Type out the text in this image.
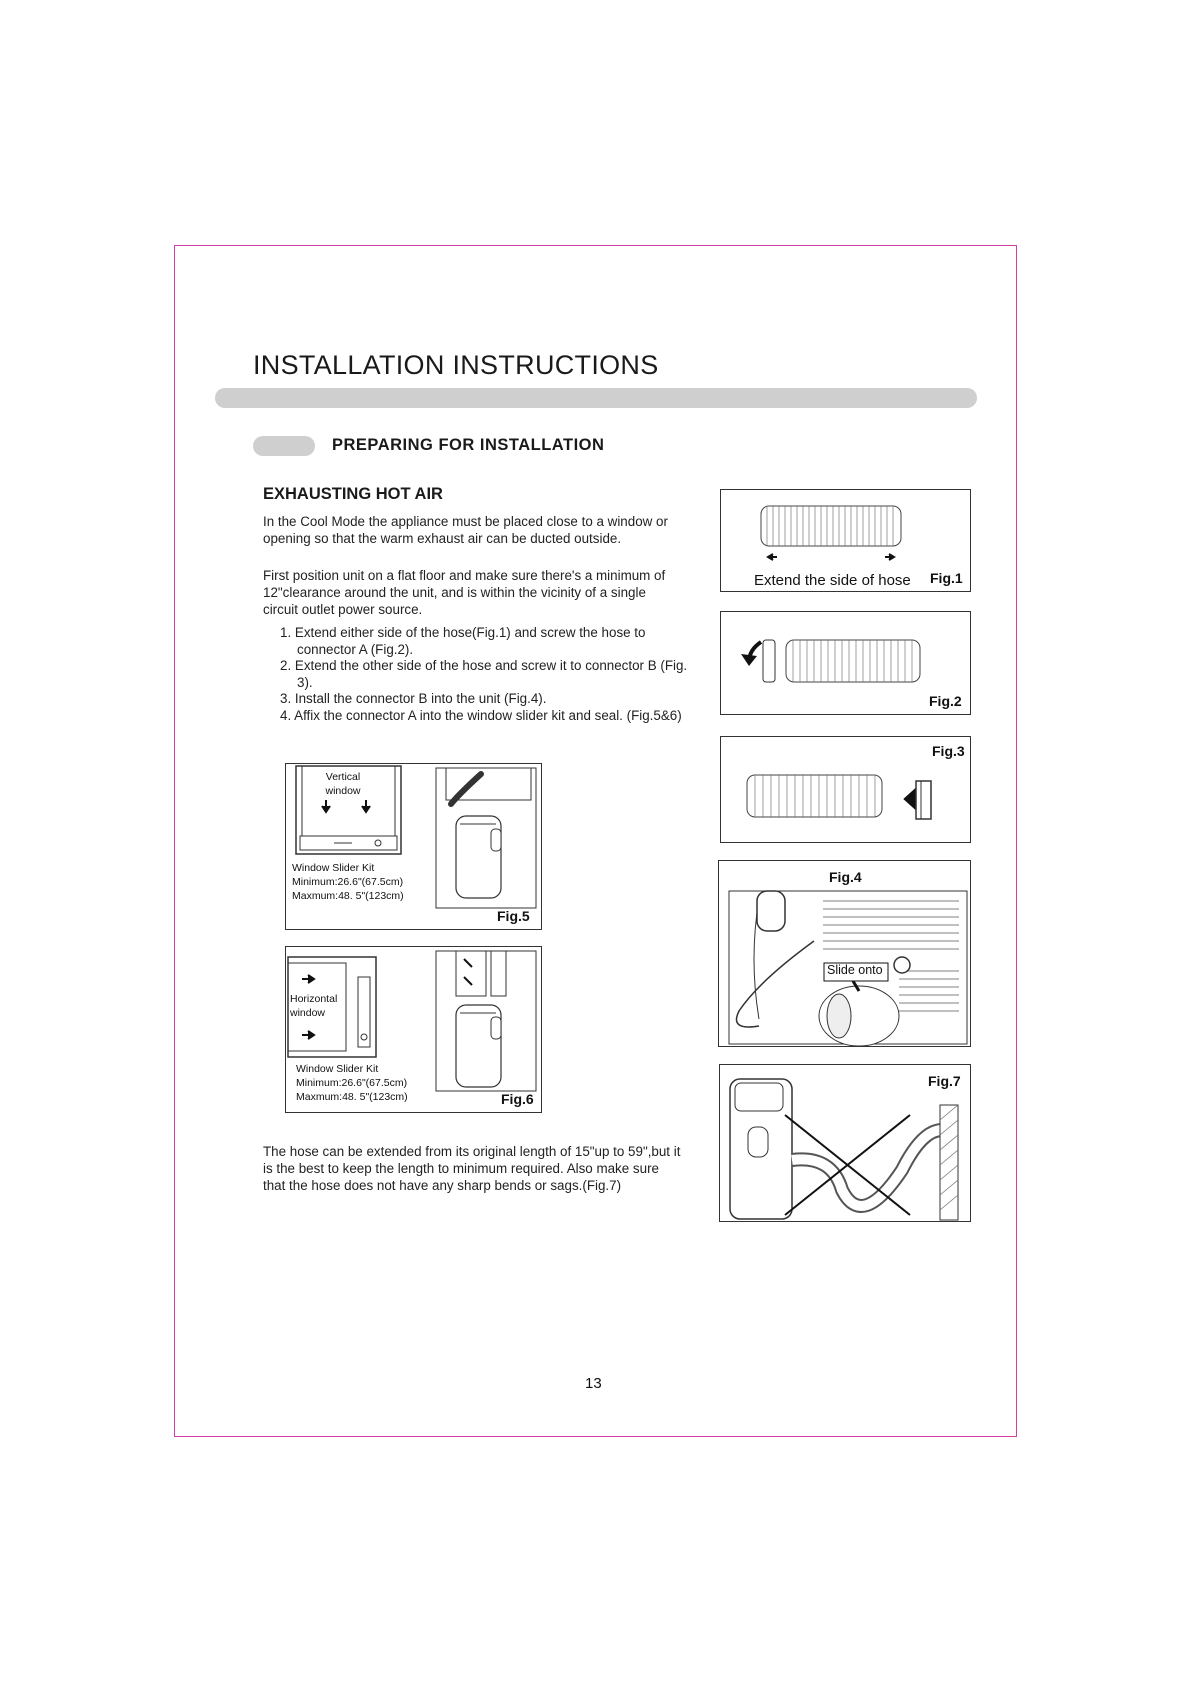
INSTALLATION INSTRUCTIONS
PREPARING FOR INSTALLATION
EXHAUSTING HOT AIR

In the Cool Mode the appliance must be placed close to a window or opening so that the warm exhaust air can be ducted outside.

First position unit on a flat floor and make sure there's a minimum of 12"clearance around the unit, and is within the vicinity of a single circuit outlet power source.

1. Extend either side of the hose(Fig.1) and screw the hose to connector A (Fig.2).
2. Extend the other side of the hose and screw it to connector B (Fig. 3).
3. Install the connector B into the unit (Fig.4).
4. Affix the connector A into the window slider kit and seal. (Fig.5&6)

The hose can be extended from its original length of 15"up to 59",but it is the best to keep the length to minimum required. Also make sure that the hose does not have any sharp bends or sags.(Fig.7)

Vertical
window
Window Slider Kit
Minimum:26.6"(67.5cm)
Maxmum:48. 5"(123cm)
Fig.5
Horizontal
window
Window Slider Kit
Minimum:26.6"(67.5cm)
Maxmum:48. 5"(123cm)	Fig.6
Extend the side of hose Fig.1
Fig.2
Fig.3
Fig.4
Slide onto
Fig.7
13
